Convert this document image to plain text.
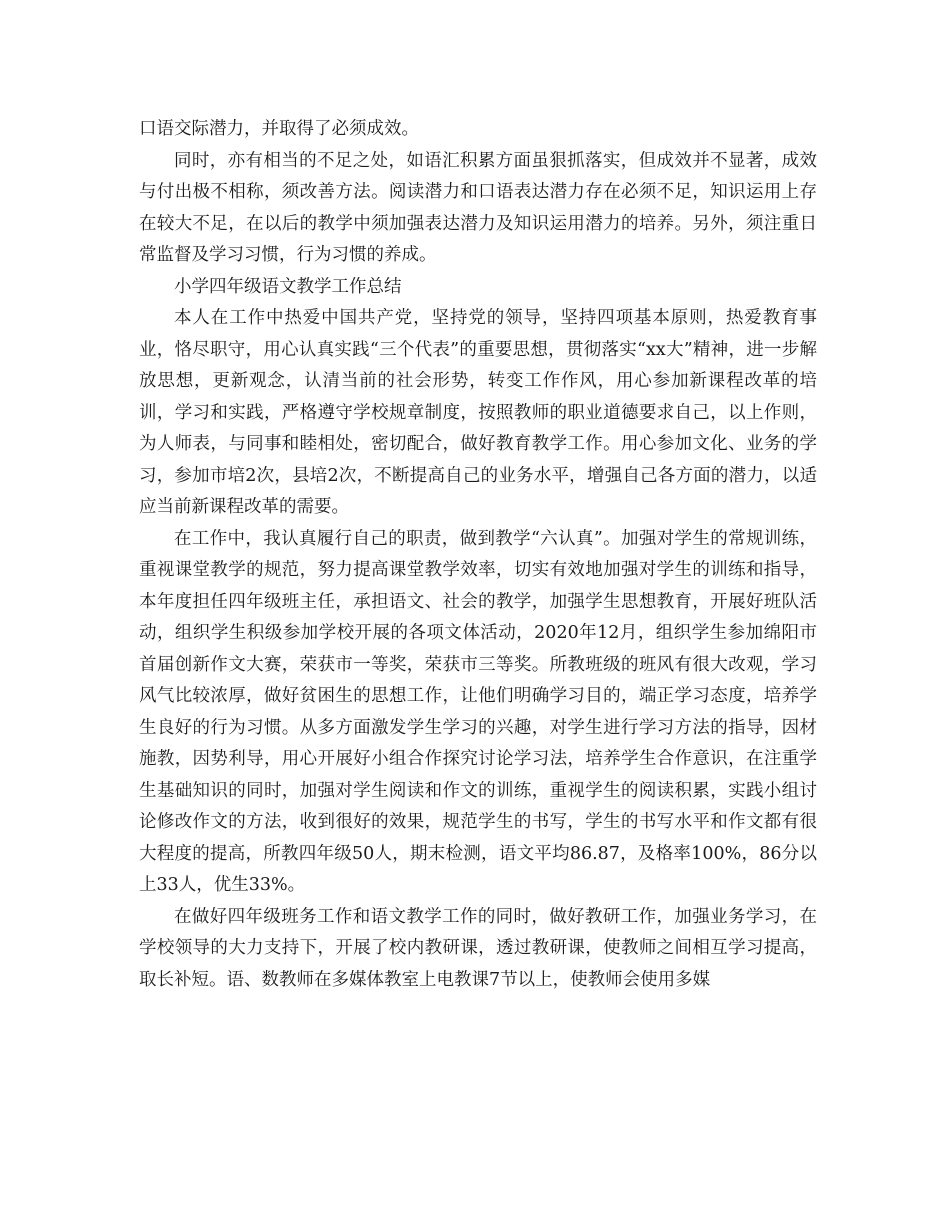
口语交际潜力，并取得了必须成效。

同时，亦有相当的不足之处，如语汇积累方面虽狠抓落实，但成效并不显著，成效与付出极不相称，须改善方法。阅读潜力和口语表达潜力存在必须不足，知识运用上存在较大不足，在以后的教学中须加强表达潜力及知识运用潜力的培养。另外，须注重日常监督及学习习惯，行为习惯的养成。

小学四年级语文教学工作总结

本人在工作中热爱中国共产党，坚持党的领导，坚持四项基本原则，热爱教育事业，恪尽职守，用心认真实践“三个代表”的重要思想，贯彻落实“xx大”精神，进一步解放思想，更新观念，认清当前的社会形势，转变工作作风，用心参加新课程改革的培训，学习和实践，严格遵守学校规章制度，按照教师的职业道德要求自己，以上作则，为人师表，与同事和睦相处，密切配合，做好教育教学工作。用心参加文化、业务的学习，参加市培2次，县培2次，不断提高自己的业务水平，增强自己各方面的潜力，以适应当前新课程改革的需要。

在工作中，我认真履行自己的职责，做到教学“六认真”。加强对学生的常规训练，重视课堂教学的规范，努力提高课堂教学效率，切实有效地加强对学生的训练和指导，本年度担任四年级班主任，承担语文、社会的教学，加强学生思想教育，开展好班队活动，组织学生积级参加学校开展的各项文体活动，2020年12月，组织学生参加绵阳市首届创新作文大赛，荣获市一等奖，荣获市三等奖。所教班级的班风有很大改观，学习风气比较浓厚，做好贫困生的思想工作，让他们明确学习目的，端正学习态度，培养学生良好的行为习惯。从多方面激发学生学习的兴趣，对学生进行学习方法的指导，因材施教，因势利导，用心开展好小组合作探究讨论学习法，培养学生合作意识，在注重学生基础知识的同时，加强对学生阅读和作文的训练，重视学生的阅读积累，实践小组讨论修改作文的方法，收到很好的效果，规范学生的书写，学生的书写水平和作文都有很大程度的提高，所教四年级50人，期末检测，语文平均86.87，及格率100%，86分以上33人，优生33%。

在做好四年级班务工作和语文教学工作的同时，做好教研工作，加强业务学习，在学校领导的大力支持下，开展了校内教研课，透过教研课，使教师之间相互学习提高，取长补短。语、数教师在多媒体教室上电教课7节以上，使教师会使用多媒
